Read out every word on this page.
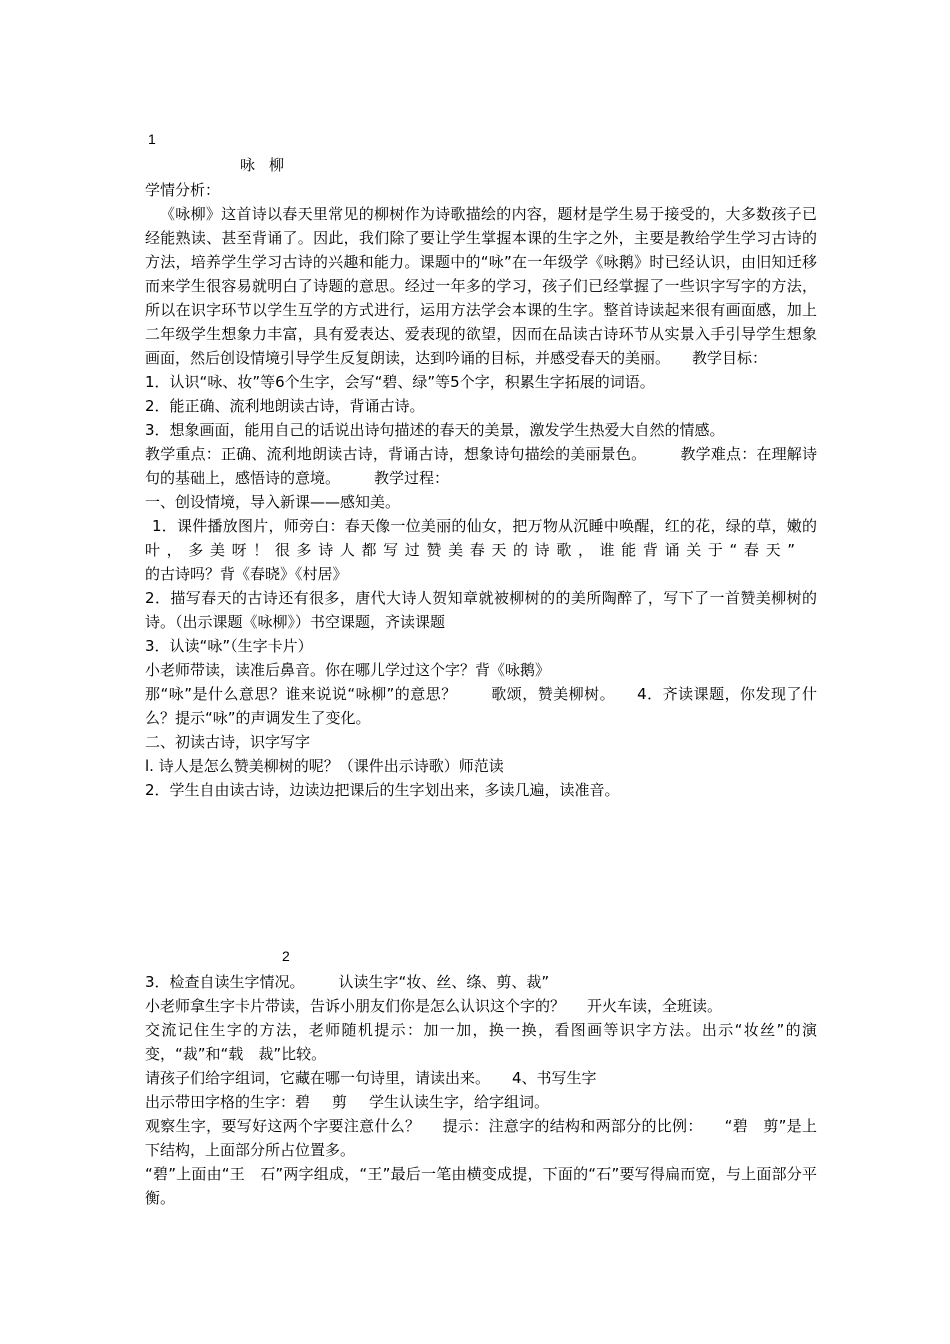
1
咏 柳

学情分析：

《咏柳》这首诗以春天里常见的柳树作为诗歌描绘的内容，题材是学生易于接受的，大多数孩子已经能熟读、甚至背诵了。因此，我们除了要让学生掌握本课的生字之外，主要是教给学生学习古诗的方法，培养学生学习古诗的兴趣和能力。课题中的“咏”在一年级学《咏鹅》时已经认识，由旧知迁移而来学生很容易就明白了诗题的意思。经过一年多的学习，孩子们已经掌握了一些识字写字的方法，所以在识字环节以学生互学的方式进行，运用方法学会本课的生字。整首诗读起来很有画面感，加上二年级学生想象力丰富，具有爱表达、爱表现的欲望，因而在品读古诗环节从实景入手引导学生想象画面，然后创设情境引导学生反复朗读，达到吟诵的目标，并感受春天的美丽。 教学目标：

1．认识“咏、妆”等6个生字，会写“碧、绿”等5个字，积累生字拓展的词语。

2．能正确、流利地朗读古诗，背诵古诗。

3．想象画面，能用自己的话说出诗句描述的春天的美景，激发学生热爱大自然的情感。

教学重点：正确、流利地朗读古诗，背诵古诗，想象诗句描绘的美丽景色。 教学难点：在理解诗句的基础上，感悟诗的意境。 教学过程：

一、创设情境，导入新课——感知美。

1．课件播放图片，师旁白：春天像一位美丽的仙女，把万物从沉睡中唤醒，红的花，绿的草，嫩的叶，多美呀！很多诗人都写过赞美春天的诗歌，谁能背诵关于“春天”的古诗吗？背《春晓》《村居》

2．描写春天的古诗还有很多，唐代大诗人贺知章就被柳树的的美所陶醉了，写下了一首赞美柳树的诗。（出示课题《咏柳》）书空课题，齐读课题

3．认读“咏”（生字卡片）

小老师带读，读准后鼻音。你在哪儿学过这个字？背《咏鹅》

那“咏”是什么意思？谁来说说“咏柳”的意思？ 歌颂，赞美柳树。 4．齐读课题，你发现了什么？提示“咏”的声调发生了变化。

二、初读古诗，识字写字

l. 诗人是怎么赞美柳树的呢？（课件出示诗歌）师范读

2．学生自由读古诗，边读边把课后的生字划出来，多读几遍，读准音。

2

3．检查自读生字情况。 认读生字“妆、丝、绦、剪、裁”

小老师拿生字卡片带读，告诉小朋友们你是怎么认识这个字的？ 开火车读，全班读。

交流记住生字的方法，老师随机提示：加一加，换一换，看图画等识字方法。出示“妆丝”的演变，“裁”和“载　裁”比较。

请孩子们给字组词，它藏在哪一句诗里，请读出来。 4、书写生字

出示带田字格的生字：碧 剪 学生认读生字，给字组词。

观察生字，要写好这两个字要注意什么？ 提示：注意字的结构和两部分的比例： “碧　剪”是上下结构，上面部分所占位置多。

“碧”上面由“王　石”两字组成，“王”最后一笔由横变成提，下面的“石”要写得扁而宽，与上面部分平衡。
